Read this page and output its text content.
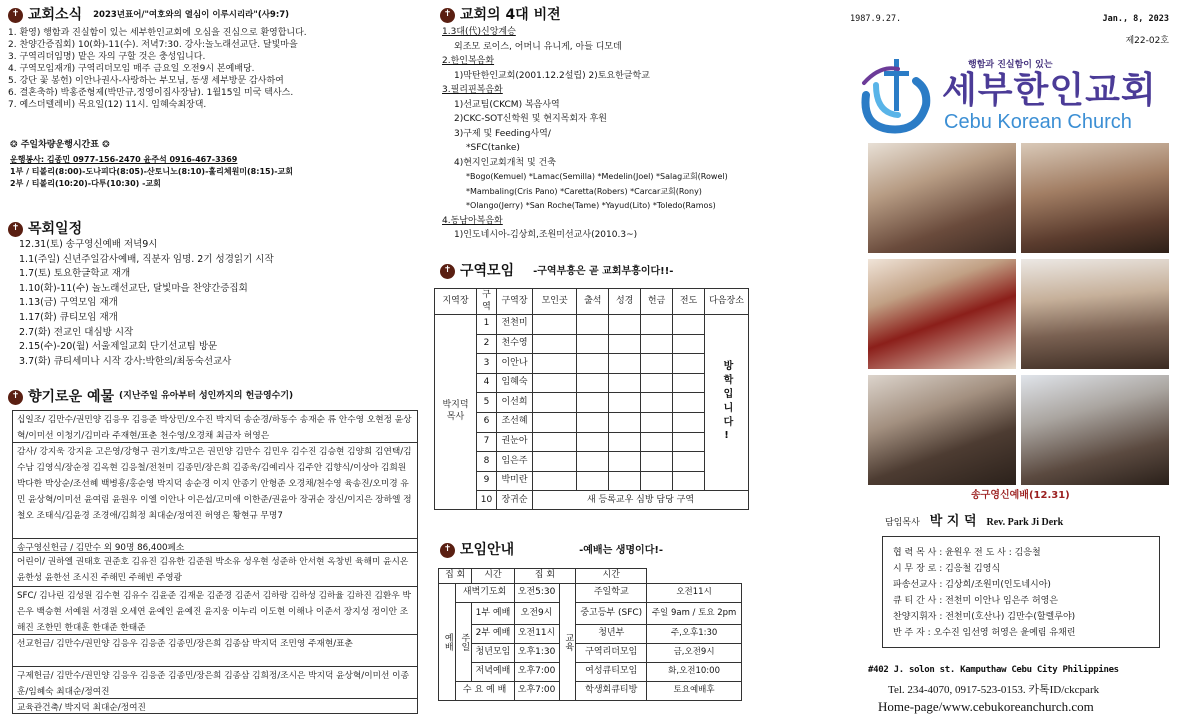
✝ 교회소식 2023년표어/"여호와의 열심이 이루시리라"(사9:7)
1. 환영) 행함과 진실함이 있는 세부한인교회에 오심을 진심으로 환영합니다.
2. 찬양간증집회) 10(화)-11(수). 저녁7:30. 강사:놀노래선교단. 달빛마을
3. 구역리더임명) 맡은 자의 구할 것은 충성입니다.
4. 구역모임재개) 구역리더모임 매주 금요일 오전9시 본예배당.
5. 강단 꽃 봉헌) 이안나권사-사랑하는 부모님, 동생 세부방문 감사하여
6. 결혼축하) 박홍준형제(박만규,정영이집사장남). 1월15일 미국 텍사스.
7. 예스더텔레비) 목요일(12) 11시. 임혜숙최장댁.
❂ 주일차량운행시간표 ❂
운행봉사: 김종민 0977-156-2470 윤주석 0916-467-3369
1부 / 티볼리(8:00)-도나피다(8:05)-산토니노(8:10)-훌리체원미(8:15)-교회
2부 / 티볼리(10:20)-다투(10:30) -교회
✝ 목회일정
12.31(토) 송구영신예배 저녁9시
1.1(주일) 신년주일감사예배, 직분자 임명. 2기 성경읽기 시작
1.7(토) 토요한글학교 재개
1.10(화)-11(수) 놀노래선교단, 달빛마을 찬양간증집회
1.13(금) 구역모임 재개
1.17(화) 큐티모임 재개
2.7(화) 전교인 대심방 시작
2.15(수)-20(월) 서울제일교회 단기선교팀 방문
3.7(화) 큐티세미나 시작 강사:박한의/최동숙선교사
✝ 향기로운 예물 (지난주일 유아부터 성인까지의 헌금영수기)
십일조/ 김만수/권민양 김응우 김응준 박상민/오수진 박지덕 송순경/하동수 송재순 류 안수영 오현정 윤상혁/이미선 이청기/김미라 주재현/표춘 천수영/오경채 최금자 허영은
감사/ 강지욱 강지윤 고은영/강형구 권기호/박고은 권민양 김만수 김민우 김수진 김승현 김양희 김연택/김수남 김영식/장순정 김옥현 김응철/전천미 김종민/장은희 김종욱/김예리사 김주안 김향식/이상아 김희원 박다한 박상순/조선혜 백병흥/홍순영 박지덕 송순경 이지 안종기 안형준 오경채/천수영 육송진/오미경 유민 윤상혁/이미선 윤여림 윤원우 이엘 이안나 이은섭/고미애 이한준/권윤아 장귀순 장신/이지은 장하엘 정철오 조태식/김윤경 조경애/김희정 최대순/정여진 허영은 황현규 무명7
송구영신헌금 / 김만수 외 90명 86,400페소
어린이/ 권하엘 권태호 권준호 김유진 김유한 김준원 박소유 성우현 성준하 안서현 옥창빈 육해미 윤시온 윤한성 윤한선 조시진 주해민 주해빈 주영광
SFC/ 김나린 김성원 김수현 김유수 김윤준 김재운 김준경 김준서 김하랑 김하성 김하율 김하진 김환우 박은우 백승현 서예원 서경원 오세연 윤예인 윤예진 윤지웅 이누리 이도현 이해나 이준서 장지성 정이안 조해진 조한민 한대훈 한대준 한태준
선교헌금/ 김만수/권민양 김응우 김응준 김종민/장은희 김종삼 박지덕 조민영 주재현/표춘
구제헌금/ 김만수/권민양 김응우 김응준 김종민/장은희 김종삼 김희정/조시은 박지덕 윤상혁/이미선 이종훈/임혜숙 최대순/정여진
교육관건축/ 박지덕 최대순/정여진
✝ 교회의 4대 비젼
1.3대(代)신앙계승
외조모 로이스, 어머니 유니게, 아들 디모데
2.한인복음화
1)막탄한인교회(2001.12.2설립) 2)토요한글학교
3.필리핀복음화
1)선교팀(CKCM) 복음사역
2)CKC-SOT신학원 및 현지목회자 후원
3)구제 및 Feeding사역/
*SFC(tanke)
4)현지인교회개척 및 건축
*Bogo(Kemuel) *Lamac(Semilla) *Medelin(Joel) *Salag교회(Rowel)
*Mambaling(Cris Pano) *Caretta(Robers) *Carcar교회(Rony)
*Olango(Jerry) *San Roche(Tame) *Yayud(Lito) *Toledo(Ramos)
4.동남아복음화
1)인도네시아-김상희,조원미선교사(2010.3~)
✝ 구역모임 -구역부흥은 곧 교회부흥이다!!-
지역장	구역	구역장	모인곳	출석	성경	헌금	전도	다음장소
박지덕 목사	1	전천미						방학입니다!
	2	천수영						
	3	이안나						
	4	임혜숙						
	5	이선희						
	6	조선혜						
	7	권눈아						
	8	임은주						
	9	박미란						
	10	장귀순	새 등록교우 심방 담당 구역					
✝ 모임안내	-예배는 생명이다!-
집 회		시간	집 회		시간	
예배	새벽기도회		오전5:30	교육	주일학교	오전11시
	주일	1부 예배	오전9시		중고등부 (SFC)	주일 9am / 토요 2pm
		2부 예배	오전11시		청년부	주,오후1:30
		청년모임	오후1:30		구역리더모임	금,오전9시
		저녁예배	오후7:00		여성큐티모임	화,오전10:00
	수 요 예 배		오후7:00		학생회큐티방	토요예배후
1987.9.27.	Jan., 8, 2023
제22-02호
행함과 진실함이 있는
세부한인교회
Cebu Korean Church
송구영신예배(12.31)
담임목사 박 지 덕 Rev. Park Ji Derk
협 력 목 사 : 윤원우 전 도 사 : 김응철
시 무 장 로 : 김응철 김영식
파송선교사 : 김상희/조원미(인도네시아)
큐 티 간 사 : 전천미 이안나 임은주 허영은
찬양지휘자 : 전천미(호산나) 김만수(할렐루야)
반 주 자 : 오수진 임선영 허영은 윤예림 유채린
#402 J. solon st. Kamputhaw Cebu City Philippines
Tel. 234-4070, 0917-523-0153. 카톡ID/ckcpark
Home-page/www.cebukoreanchurch.com
